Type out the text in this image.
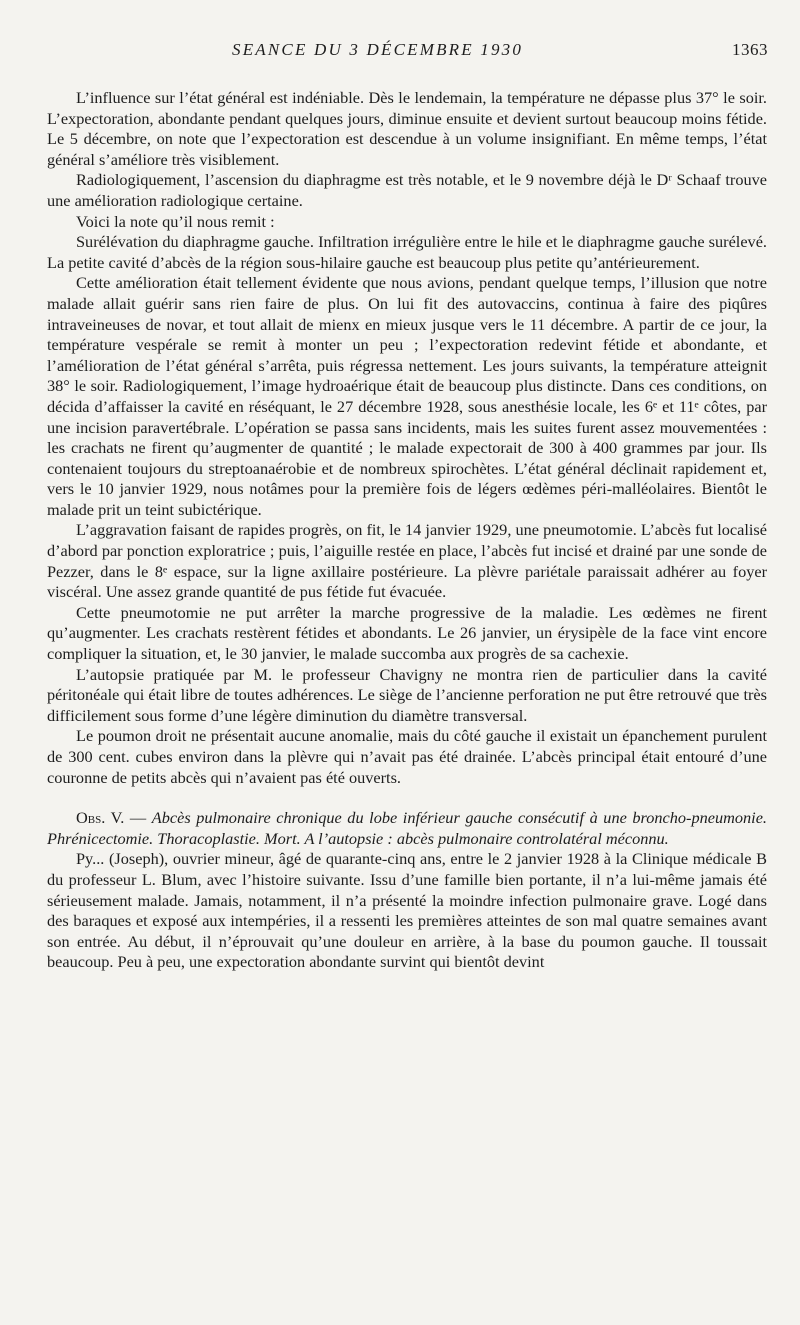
SEANCE DU 3 DÉCEMBRE 1930	1363

L’influence sur l’état général est indéniable. Dès le lendemain, la température ne dépasse plus 37° le soir. L’expectoration, abondante pendant quelques jours, diminue ensuite et devient surtout beaucoup moins fétide. Le 5 décembre, on note que l’expectoration est descendue à un volume insignifiant. En même temps, l’état général s’améliore très visiblement.

Radiologiquement, l’ascension du diaphragme est très notable, et le 9 novembre déjà le Dʳ Schaaf trouve une amélioration radiologique certaine.

Voici la note qu’il nous remit :

Surélévation du diaphragme gauche. Infiltration irrégulière entre le hile et le diaphragme gauche surélevé. La petite cavité d’abcès de la région sous-hilaire gauche est beaucoup plus petite qu’antérieurement.

Cette amélioration était tellement évidente que nous avions, pendant quelque temps, l’illusion que notre malade allait guérir sans rien faire de plus. On lui fit des autovaccins, continua à faire des piqûres intraveineuses de novar, et tout allait de mienx en mieux jusque vers le 11 décembre. A partir de ce jour, la température vespérale se remit à monter un peu ; l’expectoration redevint fétide et abondante, et l’amélioration de l’état général s’arrêta, puis régressa nettement. Les jours suivants, la température atteignit 38° le soir. Radiologiquement, l’image hydroaérique était de beaucoup plus distincte. Dans ces conditions, on décida d’affaisser la cavité en réséquant, le 27 décembre 1928, sous anesthésie locale, les 6ᵉ et 11ᵉ côtes, par une incision paravertébrale. L’opération se passa sans incidents, mais les suites furent assez mouvementées : les crachats ne firent qu’augmenter de quantité ; le malade expectorait de 300 à 400 grammes par jour. Ils contenaient toujours du streptoanaérobie et de nombreux spirochètes. L’état général déclinait rapidement et, vers le 10 janvier 1929, nous notâmes pour la première fois de légers œdèmes péri-malléolaires. Bientôt le malade prit un teint subictérique.

L’aggravation faisant de rapides progrès, on fit, le 14 janvier 1929, une pneumotomie. L’abcès fut localisé d’abord par ponction exploratrice ; puis, l’aiguille restée en place, l’abcès fut incisé et drainé par une sonde de Pezzer, dans le 8ᵉ espace, sur la ligne axillaire postérieure. La plèvre pariétale paraissait adhérer au foyer viscéral. Une assez grande quantité de pus fétide fut évacuée.

Cette pneumotomie ne put arrêter la marche progressive de la maladie. Les œdèmes ne firent qu’augmenter. Les crachats restèrent fétides et abondants. Le 26 janvier, un érysipèle de la face vint encore compliquer la situation, et, le 30 janvier, le malade succomba aux progrès de sa cachexie.

L’autopsie pratiquée par M. le professeur Chavigny ne montra rien de particulier dans la cavité péritonéale qui était libre de toutes adhérences. Le siège de l’ancienne perforation ne put être retrouvé que très difficilement sous forme d’une légère diminution du diamètre transversal.

Le poumon droit ne présentait aucune anomalie, mais du côté gauche il existait un épanchement purulent de 300 cent. cubes environ dans la plèvre qui n’avait pas été drainée. L’abcès principal était entouré d’une couronne de petits abcès qui n’avaient pas été ouverts.

Obs. V. — Abcès pulmonaire chronique du lobe inférieur gauche consécutif à une broncho-pneumonie. Phrénicectomie. Thoracoplastie. Mort. A l’autopsie : abcès pulmonaire controlatéral méconnu.

Py... (Joseph), ouvrier mineur, âgé de quarante-cinq ans, entre le 2 janvier 1928 à la Clinique médicale B du professeur L. Blum, avec l’histoire suivante. Issu d’une famille bien portante, il n’a lui-même jamais été sérieusement malade. Jamais, notamment, il n’a présenté la moindre infection pulmonaire grave. Logé dans des baraques et exposé aux intempéries, il a ressenti les premières atteintes de son mal quatre semaines avant son entrée. Au début, il n’éprouvait qu’une douleur en arrière, à la base du poumon gauche. Il toussait beaucoup. Peu à peu, une expectoration abondante survint qui bientôt devint
